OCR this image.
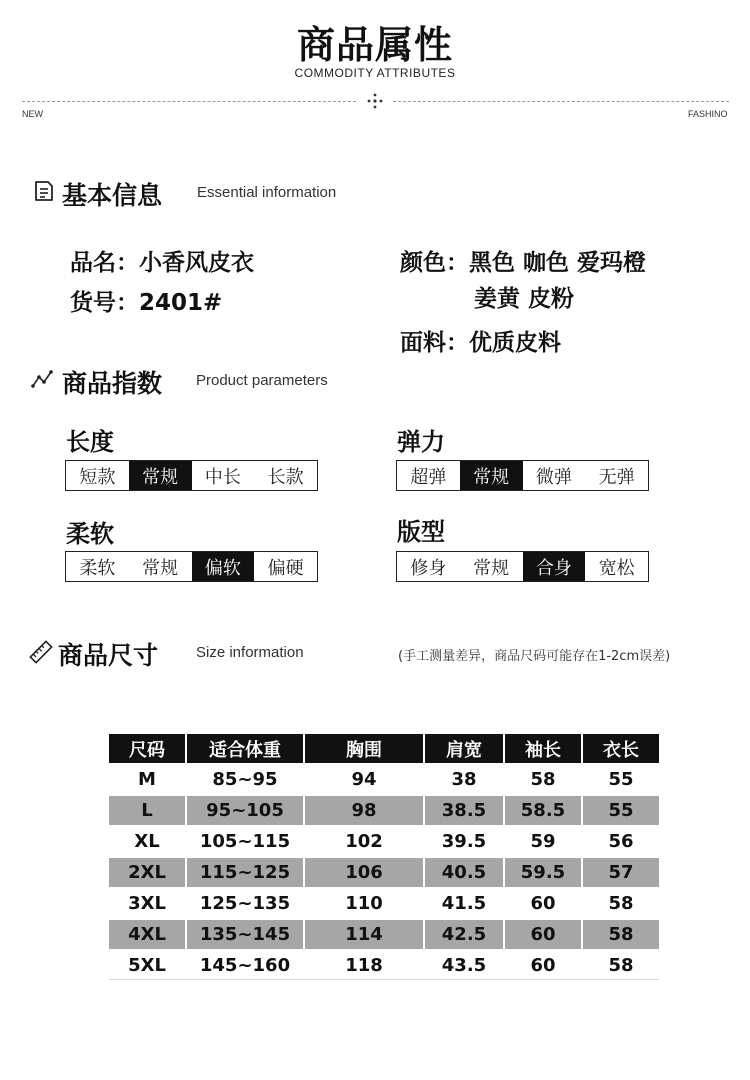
商品属性
COMMODITY ATTRIBUTES
NEW	FASHINO
基本信息 Essential information
品名：小香风皮衣
货号：2401#
颜色：黑色 咖色 爱玛橙
姜黄 皮粉
面料：优质皮料
商品指数 Product parameters
长度
短款	常规	中长	长款
弹力
超弹	常规	微弹	无弹
柔软
柔软	常规	偏软	偏硬
版型
修身	常规	合身	宽松
商品尺寸	Size information	(手工测量差异，商品尺码可能存在1-2cm误差)
尺码	适合体重	胸围	肩宽	袖长	衣长
M	85~95	94	38	58	55
L	95~105	98	38.5	58.5	55
XL	105~115	102	39.5	59	56
2XL	115~125	106	40.5	59.5	57
3XL	125~135	110	41.5	60	58
4XL	135~145	114	42.5	60	58
5XL	145~160	118	43.5	60	58
